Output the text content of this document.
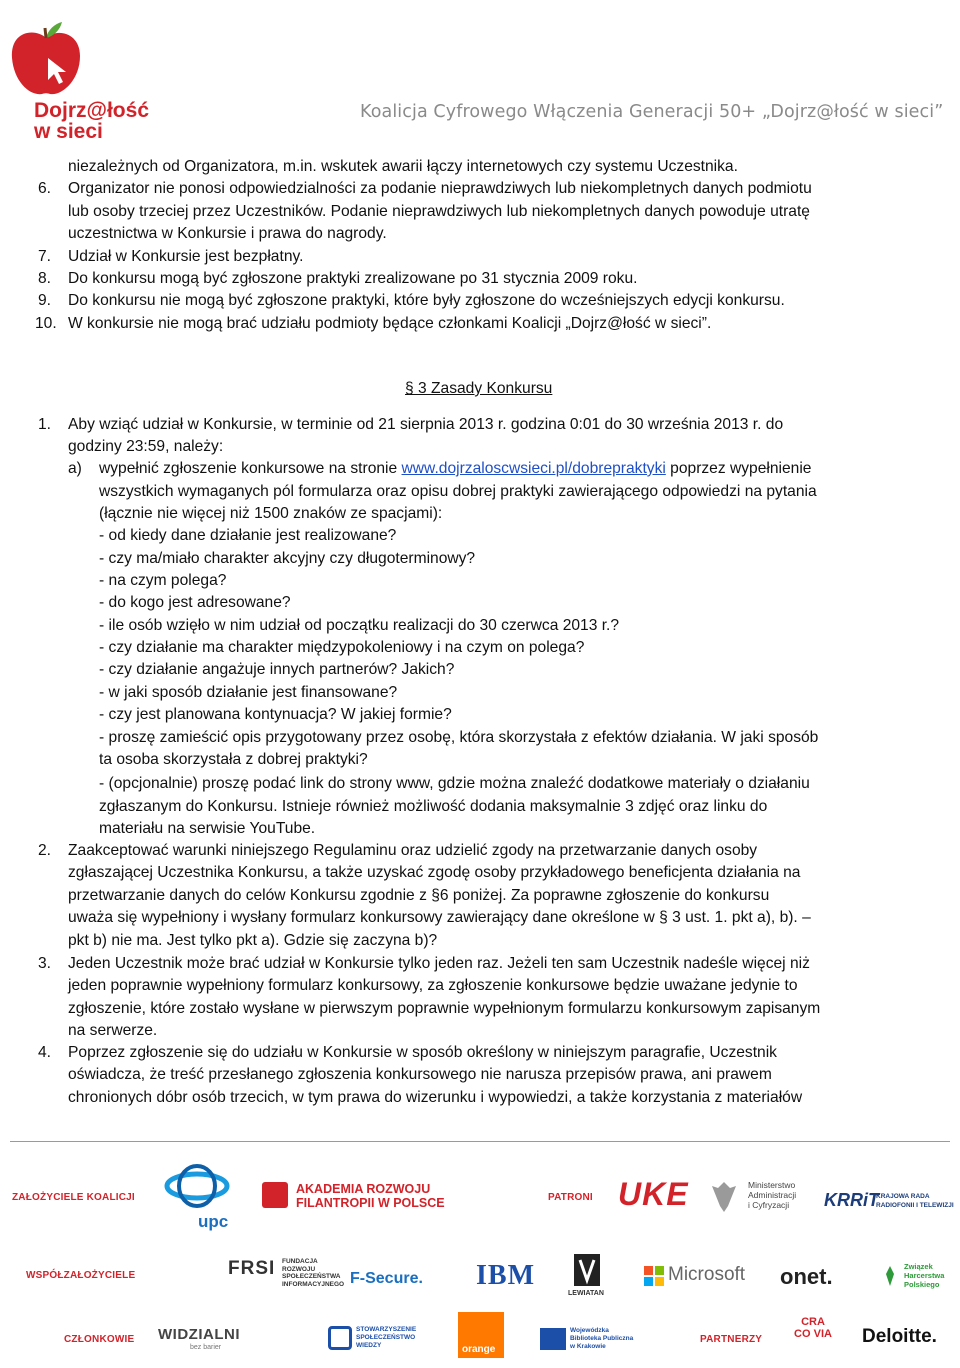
Dojrz@łość
w sieci
Koalicja Cyfrowego Włączenia Generacji 50+ „Dojrz@łość w sieci”
niezależnych od Organizatora, m.in. wskutek awarii łączy internetowych czy systemu Uczestnika.
6. Organizator nie ponosi odpowiedzialności za podanie nieprawdziwych lub niekompletnych danych podmiotu
lub osoby trzeciej przez Uczestników. Podanie nieprawdziwych lub niekompletnych danych powoduje utratę
uczestnictwa w Konkursie i prawa do nagrody.
7. Udział w Konkursie jest bezpłatny.
8. Do konkursu mogą być zgłoszone praktyki zrealizowane po 31 stycznia 2009 roku.
9. Do konkursu nie mogą być zgłoszone praktyki, które były zgłoszone do wcześniejszych edycji konkursu.
10. W konkursie nie mogą brać udziału podmioty będące członkami Koalicji „Dojrz@łość w sieci”.
§ 3 Zasady Konkursu
1. Aby wziąć udział w Konkursie, w terminie od 21 sierpnia 2013 r. godzina 0:01 do 30 września 2013 r. do
godziny 23:59, należy:
a) wypełnić zgłoszenie konkursowe na stronie www.dojrzaloscwsieci.pl/dobrepraktyki poprzez wypełnienie
wszystkich wymaganych pól formularza oraz opisu dobrej praktyki zawierającego odpowiedzi na pytania
(łącznie nie więcej niż 1500 znaków ze spacjami):
- od kiedy dane działanie jest realizowane?
- czy ma/miało charakter akcyjny czy długoterminowy?
- na czym polega?
- do kogo jest adresowane?
- ile osób wzięło w nim udział od początku realizacji do 30 czerwca 2013 r.?
- czy działanie ma charakter międzypokoleniowy i na czym on polega?
- czy działanie angażuje innych partnerów? Jakich?
- w jaki sposób działanie jest finansowane?
- czy jest planowana kontynuacja? W jakiej formie?
- proszę zamieścić opis przygotowany przez osobę, która skorzystała z efektów działania. W jaki sposób
ta osoba skorzystała z dobrej praktyki?
- (opcjonalnie) proszę podać link do strony www, gdzie można znaleźć dodatkowe materiały o działaniu
zgłaszanym do Konkursu. Istnieje również możliwość dodania maksymalnie 3 zdjęć oraz linku do
materiału na serwisie YouTube.
2. Zaakceptować warunki niniejszego Regulaminu oraz udzielić zgody na przetwarzanie danych osoby
zgłaszającej Uczestnika Konkursu, a także uzyskać zgodę osoby przykładowego beneficjenta działania na
przetwarzanie danych do celów Konkursu zgodnie z §6 poniżej. Za poprawne zgłoszenie do konkursu
uważa się wypełniony i wysłany formularz konkursowy zawierający dane określone w § 3 ust. 1. pkt a), b). –
pkt b) nie ma. Jest tylko pkt a). Gdzie się zaczyna b)?
3. Jeden Uczestnik może brać udział w Konkursie tylko jeden raz. Jeżeli ten sam Uczestnik nadeśle więcej niż
jeden poprawnie wypełniony formularz konkursowy, za zgłoszenie konkursowe będzie uważane jedynie to
zgłoszenie, które zostało wysłane w pierwszym poprawnie wypełnionym formularzu konkursowym zapisanym
na serwerze.
4. Poprzez zgłoszenie się do udziału w Konkursie w sposób określony w niniejszym paragrafie, Uczestnik
oświadcza, że treść przesłanego zgłoszenia konkursowego nie narusza przepisów prawa, ani prawem
chronionych dóbr osób trzecich, w tym prawa do wizerunku i wypowiedzi, a także korzystania z materiałów
ZAŁOŻYCIELE KOALICJI
upc
AKADEMIA ROZWOJU
FILANTROPII W POLSCE	PATRONI UKE	Ministerstwo
Administracji
i Cyfryzacji	KRRiT
KRAJOWA RADA
RADIOFONII I TELEWIZJI
WSPÓŁZAŁOŻYCIELE	FRSI FUNDACJA
ROZWOJU
SPOŁECZEŃSTWA
INFORMACYJNEGO F-Secure. IBM
LEWIATAN
Microsoft onet.	Związek
Harcerstwa
Polskiego
CZŁONKOWIE WIDZIALNI
bez barier
STOWARZYSZENIE
SPOŁECZEŃSTWO
WIEDZY	orange
Wojewódzka
Biblioteka Publiczna
w Krakowie
PARTNERZY
CRA CO VIA Deloitte.
